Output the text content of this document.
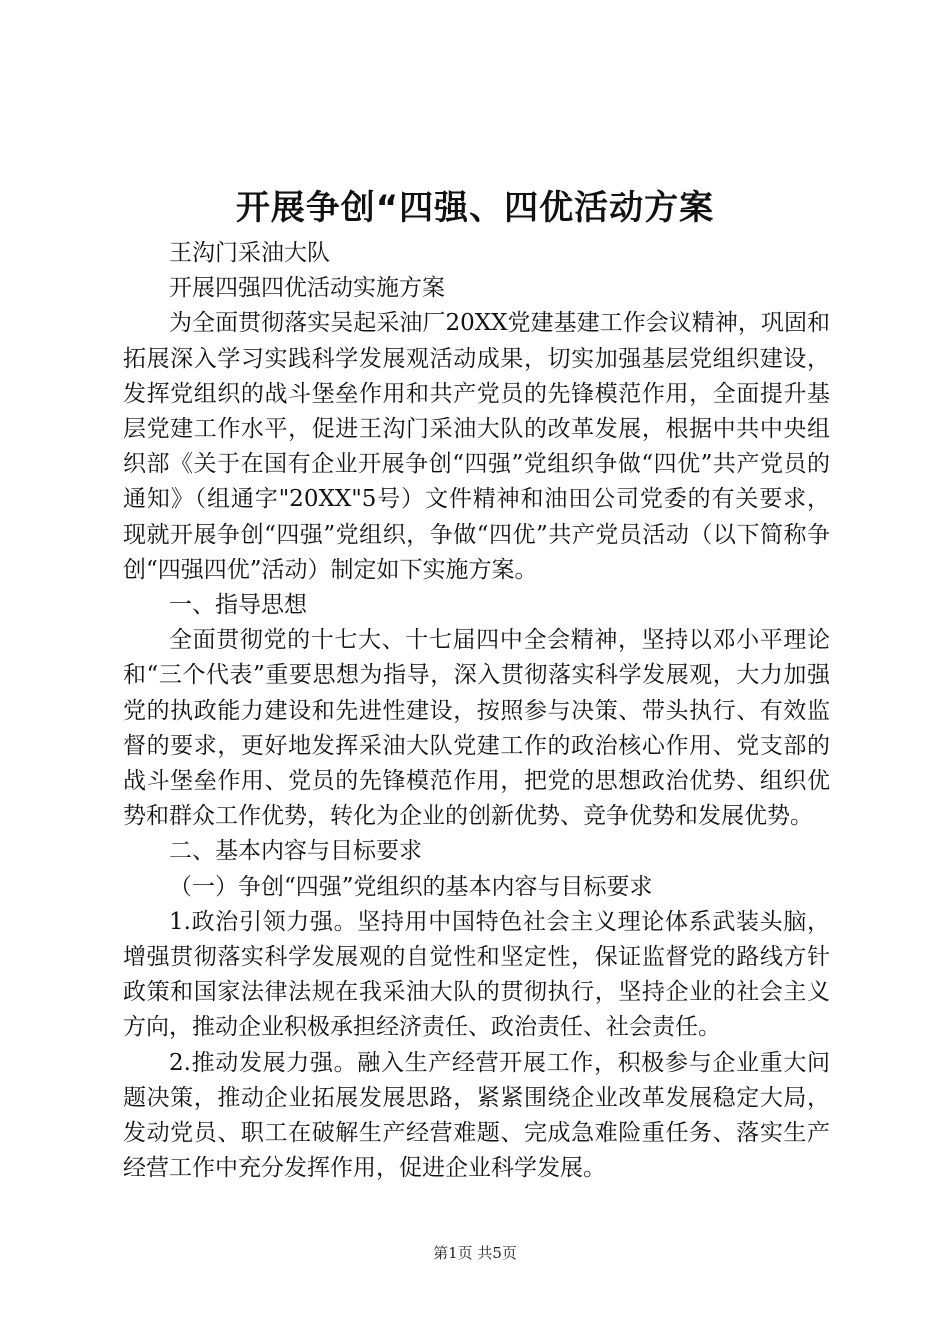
开展争创“四强、四优活动方案

王沟门采油大队

开展四强四优活动实施方案

为全面贯彻落实吴起采油厂20XX党建基建工作会议精神，巩固和拓展深入学习实践科学发展观活动成果，切实加强基层党组织建设，发挥党组织的战斗堡垒作用和共产党员的先锋模范作用，全面提升基层党建工作水平，促进王沟门采油大队的改革发展，根据中共中央组织部《关于在国有企业开展争创“四强”党组织争做“四优”共产党员的通知》（组通字"20XX"5号）文件精神和油田公司党委的有关要求，现就开展争创“四强”党组织，争做“四优”共产党员活动（以下简称争创“四强四优”活动）制定如下实施方案。

一、指导思想

全面贯彻党的十七大、十七届四中全会精神，坚持以邓小平理论和“三个代表”重要思想为指导，深入贯彻落实科学发展观，大力加强党的执政能力建设和先进性建设，按照参与决策、带头执行、有效监督的要求，更好地发挥采油大队党建工作的政治核心作用、党支部的战斗堡垒作用、党员的先锋模范作用，把党的思想政治优势、组织优势和群众工作优势，转化为企业的创新优势、竞争优势和发展优势。

二、基本内容与目标要求

（一）争创“四强”党组织的基本内容与目标要求

1.政治引领力强。坚持用中国特色社会主义理论体系武装头脑，增强贯彻落实科学发展观的自觉性和坚定性，保证监督党的路线方针政策和国家法律法规在我采油大队的贯彻执行，坚持企业的社会主义方向，推动企业积极承担经济责任、政治责任、社会责任。

2.推动发展力强。融入生产经营开展工作，积极参与企业重大问题决策，推动企业拓展发展思路，紧紧围绕企业改革发展稳定大局，发动党员、职工在破解生产经营难题、完成急难险重任务、落实生产经营工作中充分发挥作用，促进企业科学发展。

第1页 共5页
